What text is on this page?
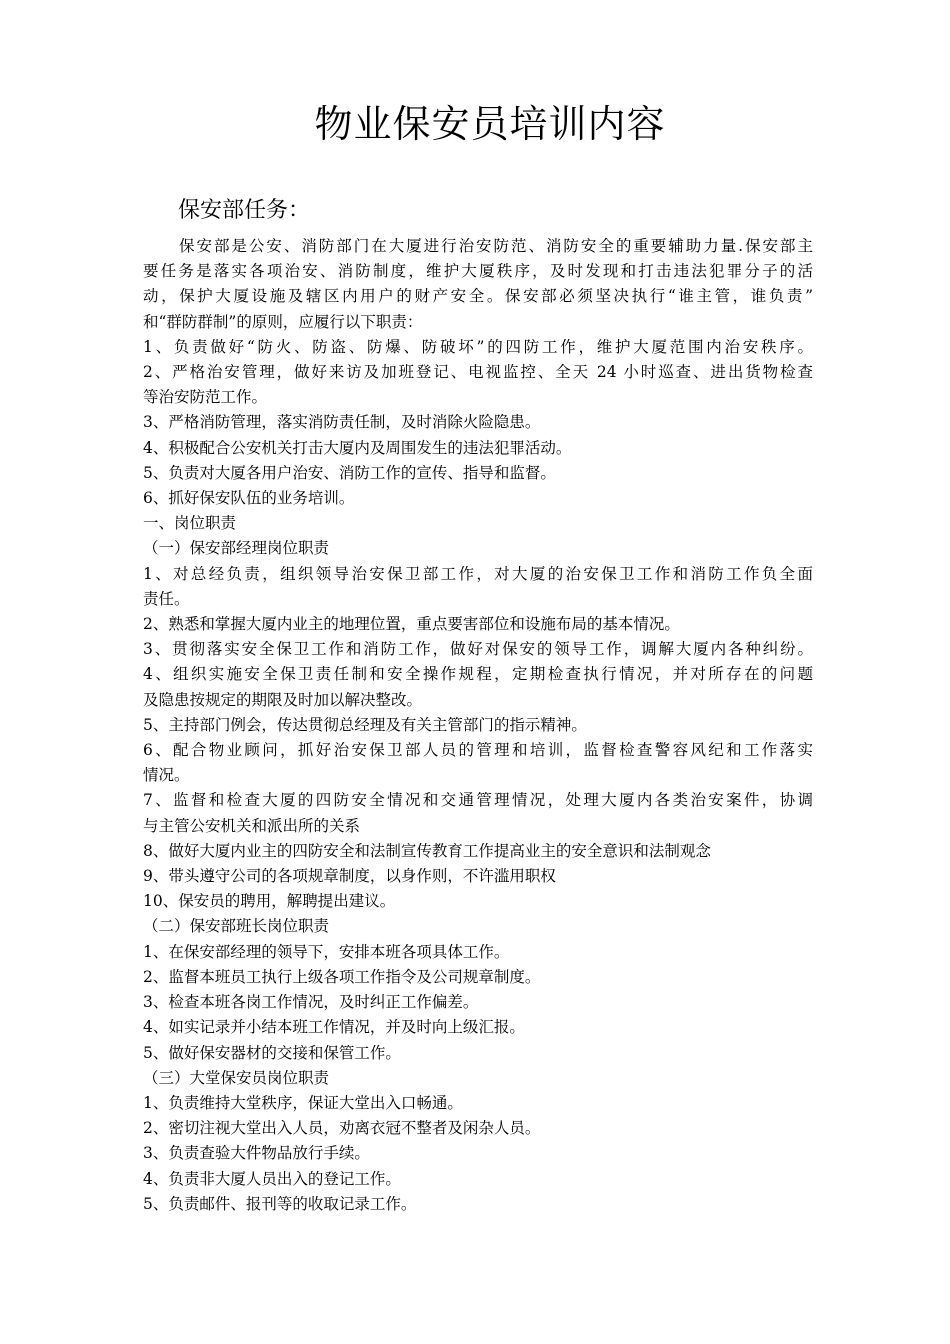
物业保安员培训内容
保安部任务：
保安部是公安、消防部门在大厦进行治安防范、消防安全的重要辅助力量.保安部主
要任务是落实各项治安、消防制度，维护大厦秩序，及时发现和打击违法犯罪分子的活
动，保护大厦设施及辖区内用户的财产安全。保安部必须坚决执行“谁主管，谁负责”
和“群防群制”的原则，应履行以下职责：
1、负责做好“防火、防盗、防爆、防破坏”的四防工作，维护大厦范围内治安秩序。
2、严格治安管理，做好来访及加班登记、电视监控、全天 24 小时巡查、进出货物检查
等治安防范工作。
3、严格消防管理，落实消防责任制，及时消除火险隐患。
4、积极配合公安机关打击大厦内及周围发生的违法犯罪活动。
5、负责对大厦各用户治安、消防工作的宣传、指导和监督。
6、抓好保安队伍的业务培训。
一、岗位职责
（一）保安部经理岗位职责
1、对总经负责，组织领导治安保卫部工作，对大厦的治安保卫工作和消防工作负全面
责任。
2、熟悉和掌握大厦内业主的地理位置，重点要害部位和设施布局的基本情况。
3、贯彻落实安全保卫工作和消防工作，做好对保安的领导工作，调解大厦内各种纠纷。
4、组织实施安全保卫责任制和安全操作规程，定期检查执行情况，并对所存在的问题
及隐患按规定的期限及时加以解决整改。
5、主持部门例会，传达贯彻总经理及有关主管部门的指示精神。
6、配合物业顾问，抓好治安保卫部人员的管理和培训，监督检查警容风纪和工作落实
情况。
7、监督和检查大厦的四防安全情况和交通管理情况，处理大厦内各类治安案件，协调
与主管公安机关和派出所的关系
8、做好大厦内业主的四防安全和法制宣传教育工作提高业主的安全意识和法制观念
9、带头遵守公司的各项规章制度，以身作则，不许滥用职权
10、保安员的聘用，解聘提出建议。
（二）保安部班长岗位职责
1、在保安部经理的领导下，安排本班各项具体工作。
2、监督本班员工执行上级各项工作指令及公司规章制度。
3、检查本班各岗工作情况，及时纠正工作偏差。
4、如实记录并小结本班工作情况，并及时向上级汇报。
5、做好保安器材的交接和保管工作。
（三）大堂保安员岗位职责
1、负责维持大堂秩序，保证大堂出入口畅通。
2、密切注视大堂出入人员，劝离衣冠不整者及闲杂人员。
3、负责查验大件物品放行手续。
4、负责非大厦人员出入的登记工作。
5、负责邮件、报刊等的收取记录工作。
